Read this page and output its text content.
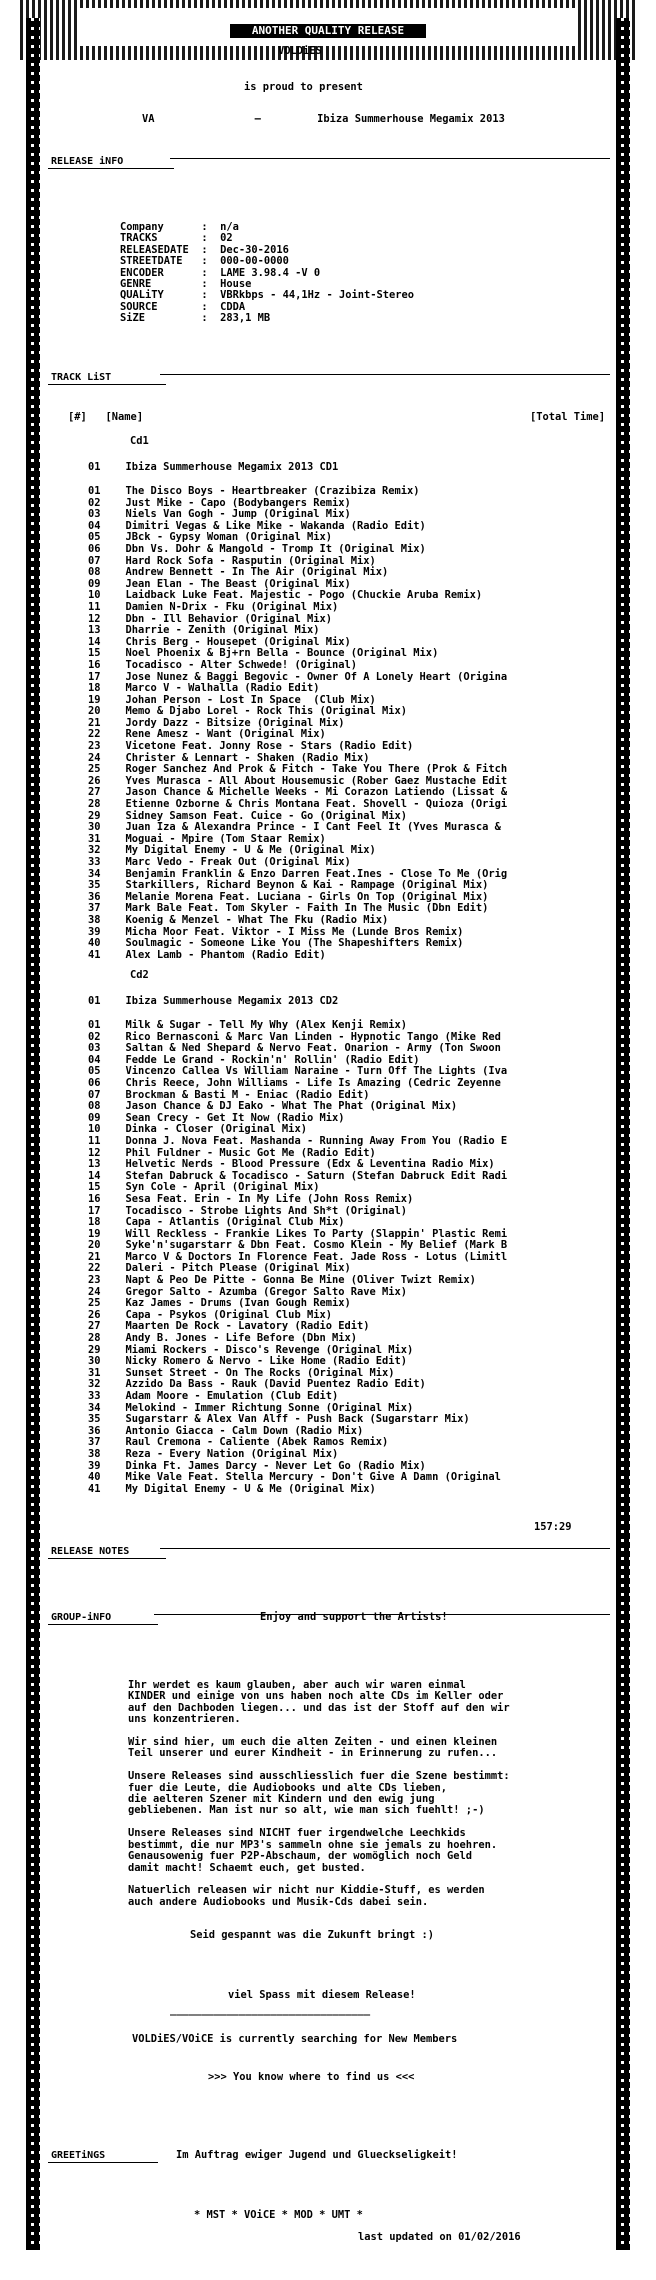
ANOTHER QUALITY RELEASE
VOLDiES
is proud to present
VA                –         Ibiza Summerhouse Megamix 2013
RELEASE iNFO
Company      :  n/a
TRACKS       :  02
RELEASEDATE  :  Dec-30-2016
STREETDATE   :  000-00-0000
ENCODER      :  LAME 3.98.4 -V 0
GENRE        :  House
QUALiTY      :  VBRkbps - 44,1Hz - Joint-Stereo
SOURCE       :  CDDA
SiZE         :  283,1 MB
TRACK LiST
[#]   [Name]	[Total Time]
Cd1
01    Ibiza Summerhouse Megamix 2013 CD1
01    The Disco Boys - Heartbreaker (Crazibiza Remix)
02    Just Mike - Capo (Bodybangers Remix)
03    Niels Van Gogh - Jump (Original Mix)
04    Dimitri Vegas & Like Mike - Wakanda (Radio Edit)
05    JBck - Gypsy Woman (Original Mix)
06    Dbn Vs. Dohr & Mangold - Tromp It (Original Mix)
07    Hard Rock Sofa - Rasputin (Original Mix)
08    Andrew Bennett - In The Air (Original Mix)
09    Jean Elan - The Beast (Original Mix)
10    Laidback Luke Feat. Majestic - Pogo (Chuckie Aruba Remix)
11    Damien N-Drix - Fku (Original Mix)
12    Dbn - Ill Behavior (Original Mix)
13    Dharrie - Zenith (Original Mix)
14    Chris Berg - Housepet (Original Mix)
15    Noel Phoenix & Bj+rn Bella - Bounce (Original Mix)
16    Tocadisco - Alter Schwede! (Original)
17    Jose Nunez & Baggi Begovic - Owner Of A Lonely Heart (Origina
18    Marco V - Walhalla (Radio Edit)
19    Johan Person - Lost In Space  (Club Mix)
20    Memo & Djabo Lorel - Rock This (Original Mix)
21    Jordy Dazz - Bitsize (Original Mix)
22    Rene Amesz - Want (Original Mix)
23    Vicetone Feat. Jonny Rose - Stars (Radio Edit)
24    Christer & Lennart - Shaken (Radio Mix)
25    Roger Sanchez And Prok & Fitch - Take You There (Prok & Fitch
26    Yves Murasca - All About Housemusic (Rober Gaez Mustache Edit
27    Jason Chance & Michelle Weeks - Mi Corazon Latiendo (Lissat &
28    Etienne Ozborne & Chris Montana Feat. Shovell - Quioza (Origi
29    Sidney Samson Feat. Cuice - Go (Original Mix)
30    Juan Iza & Alexandra Prince - I Cant Feel It (Yves Murasca &
31    Moguai - Mpire (Tom Staar Remix)
32    My Digital Enemy - U & Me (Original Mix)
33    Marc Vedo - Freak Out (Original Mix)
34    Benjamin Franklin & Enzo Darren Feat.Ines - Close To Me (Orig
35    Starkillers, Richard Beynon & Kai - Rampage (Original Mix)
36    Melanie Morena Feat. Luciana - Girls On Top (Original Mix)
37    Mark Bale Feat. Tom Skyler - Faith In The Music (Dbn Edit)
38    Koenig & Menzel - What The Fku (Radio Mix)
39    Micha Moor Feat. Viktor - I Miss Me (Lunde Bros Remix)
40    Soulmagic - Someone Like You (The Shapeshifters Remix)
41    Alex Lamb - Phantom (Radio Edit)
Cd2
01    Ibiza Summerhouse Megamix 2013 CD2
01    Milk & Sugar - Tell My Why (Alex Kenji Remix)
02    Rico Bernasconi & Marc Van Linden - Hypnotic Tango (Mike Red
03    Saltan & Ned Shepard & Nervo Feat. Onarion - Army (Ton Swoon
04    Fedde Le Grand - Rockin'n' Rollin' (Radio Edit)
05    Vincenzo Callea Vs William Naraine - Turn Off The Lights (Iva
06    Chris Reece, John Williams - Life Is Amazing (Cedric Zeyenne
07    Brockman & Basti M - Eniac (Radio Edit)
08    Jason Chance & DJ Eako - What The Phat (Original Mix)
09    Sean Crecy - Get It Now (Radio Mix)
10    Dinka - Closer (Original Mix)
11    Donna J. Nova Feat. Mashanda - Running Away From You (Radio E
12    Phil Fuldner - Music Got Me (Radio Edit)
13    Helvetic Nerds - Blood Pressure (Edx & Leventina Radio Mix)
14    Stefan Dabruck & Tocadisco - Saturn (Stefan Dabruck Edit Radi
15    Syn Cole - April (Original Mix)
16    Sesa Feat. Erin - In My Life (John Ross Remix)
17    Tocadisco - Strobe Lights And Sh*t (Original)
18    Capa - Atlantis (Original Club Mix)
19    Will Reckless - Frankie Likes To Party (Slappin' Plastic Remi
20    Syke'n'sugarstarr & Dbn Feat. Cosmo Klein - My Belief (Mark B
21    Marco V & Doctors In Florence Feat. Jade Ross - Lotus (Limitl
22    Daleri - Pitch Please (Original Mix)
23    Napt & Peo De Pitte - Gonna Be Mine (Oliver Twizt Remix)
24    Gregor Salto - Azumba (Gregor Salto Rave Mix)
25    Kaz James - Drums (Ivan Gough Remix)
26    Capa - Psykos (Original Club Mix)
27    Maarten De Rock - Lavatory (Radio Edit)
28    Andy B. Jones - Life Before (Dbn Mix)
29    Miami Rockers - Disco's Revenge (Original Mix)
30    Nicky Romero & Nervo - Like Home (Radio Edit)
31    Sunset Street - On The Rocks (Original Mix)
32    Azzido Da Bass - Rauk (David Puentez Radio Edit)
33    Adam Moore - Emulation (Club Edit)
34    Melokind - Immer Richtung Sonne (Original Mix)
35    Sugarstarr & Alex Van Alff - Push Back (Sugarstarr Mix)
36    Antonio Giacca - Calm Down (Radio Mix)
37    Raul Cremona - Caliente (Abek Ramos Remix)
38    Reza - Every Nation (Original Mix)
39    Dinka Ft. James Darcy - Never Let Go (Radio Mix)
40    Mike Vale Feat. Stella Mercury - Don't Give A Damn (Original
41    My Digital Enemy - U & Me (Original Mix)
157:29
RELEASE NOTES
GROUP-iNFO	Enjoy and support the Artists!
Ihr werdet es kaum glauben, aber auch wir waren einmal
KINDER und einige von uns haben noch alte CDs im Keller oder
auf den Dachboden liegen... und das ist der Stoff auf den wir
uns konzentrieren.

Wir sind hier, um euch die alten Zeiten - und einen kleinen
Teil unserer und eurer Kindheit - in Erinnerung zu rufen...

Unsere Releases sind ausschliesslich fuer die Szene bestimmt:
fuer die Leute, die Audiobooks und alte CDs lieben,
die aelteren Szener mit Kindern und den ewig jung
gebliebenen. Man ist nur so alt, wie man sich fuehlt! ;-)

Unsere Releases sind NICHT fuer irgendwelche Leechkids
bestimmt, die nur MP3's sammeln ohne sie jemals zu hoehren.
Genausowenig fuer P2P-Abschaum, der womöglich noch Geld
damit macht! Schaemt euch, get busted.

Natuerlich releasen wir nicht nur Kiddie-Stuff, es werden
auch andere Audiobooks und Musik-Cds dabei sein.
Seid gespannt was die Zukunft bringt :)
viel Spass mit diesem Release!
________________________________
VOLDiES/VOiCE is currently searching for New Members
>>> You know where to find us <<<
GREETiNGS	Im Auftrag ewiger Jugend und Glueckseligkeit!
* MST * VOiCE * MOD * UMT *
last updated on 01/02/2016
